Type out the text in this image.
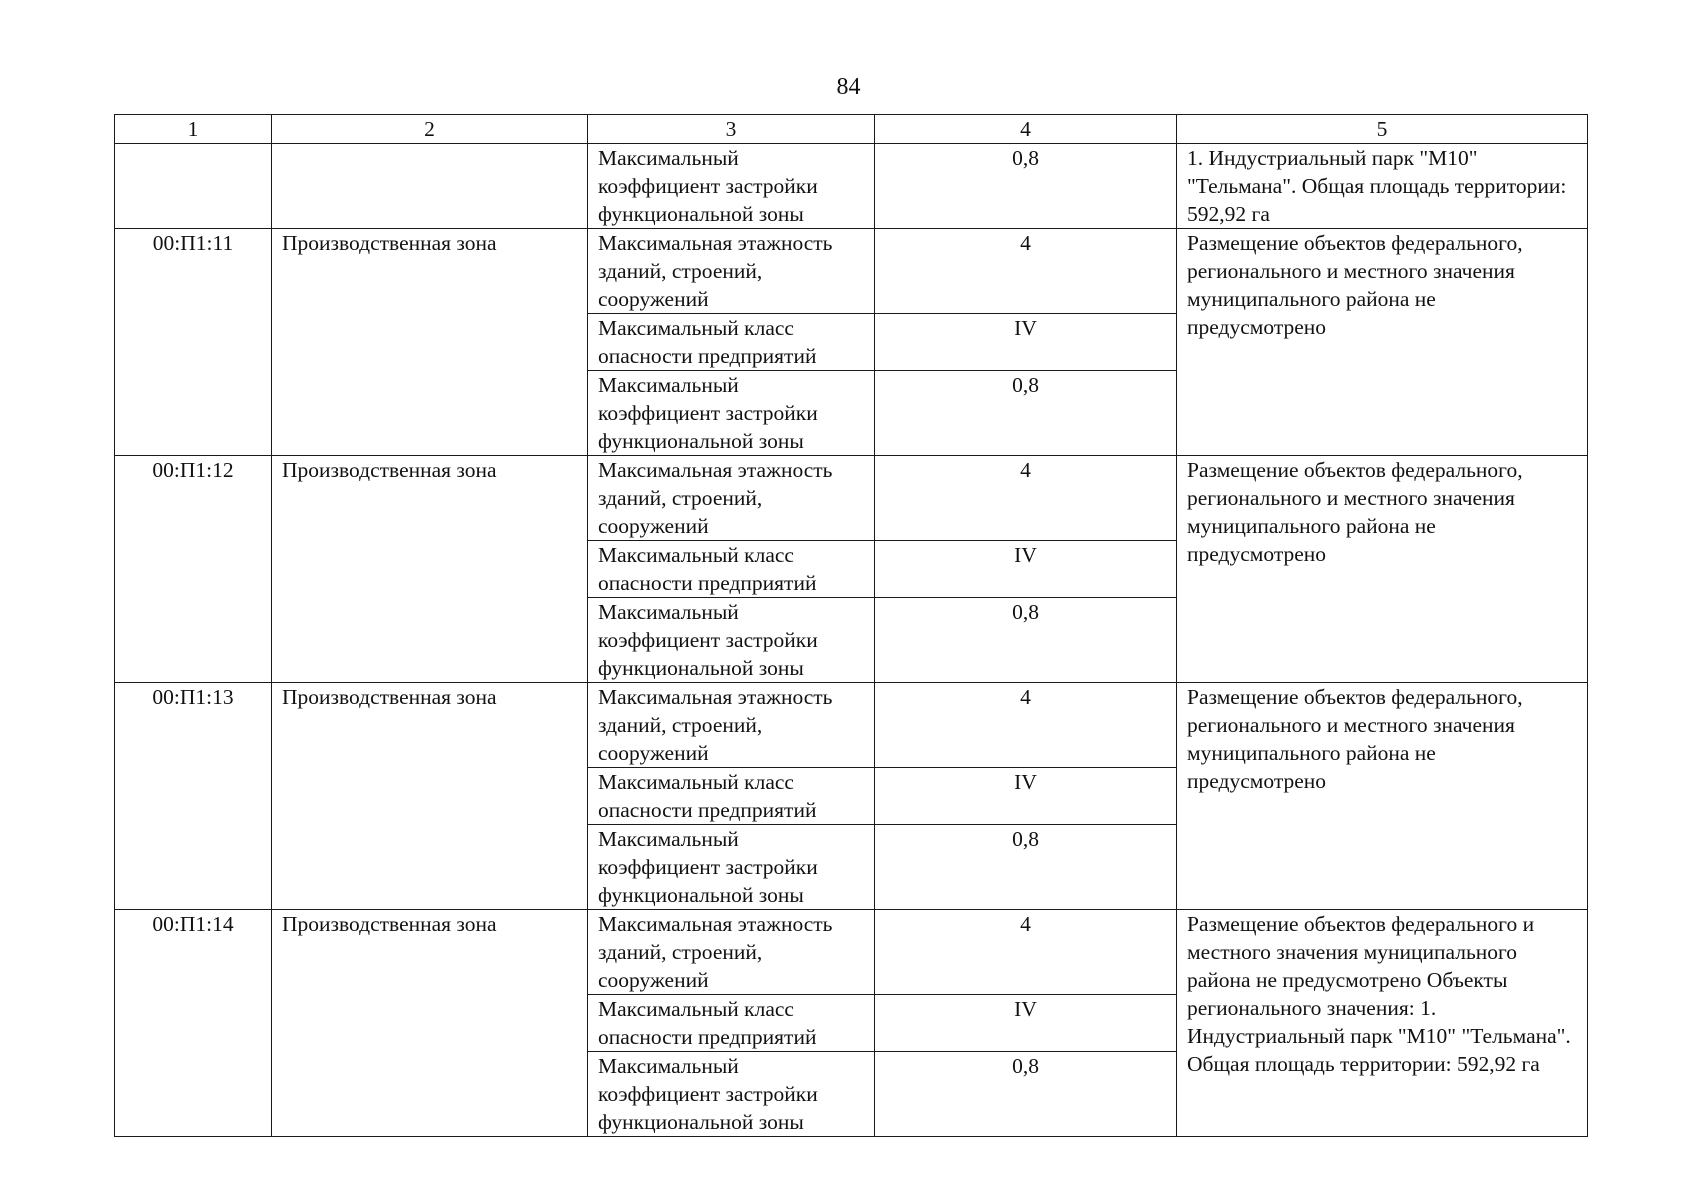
84
1	2	3	4	5
		Максимальный коэффициент застройки функциональной зоны	0,8	1. Индустриальный парк "М10" "Тельмана". Общая площадь территории: 592,92 га
00:П1:11	Производственная зона	Максимальная этажность зданий, строений, сооружений	4	Размещение объектов федерального, регионального и местного значения муниципального района не предусмотрено
		Максимальный класс опасности предприятий	IV	
		Максимальный коэффициент застройки функциональной зоны	0,8	
00:П1:12	Производственная зона	Максимальная этажность зданий, строений, сооружений	4	Размещение объектов федерального, регионального и местного значения муниципального района не предусмотрено
		Максимальный класс опасности предприятий	IV	
		Максимальный коэффициент застройки функциональной зоны	0,8	
00:П1:13	Производственная зона	Максимальная этажность зданий, строений, сооружений	4	Размещение объектов федерального, регионального и местного значения муниципального района не предусмотрено
		Максимальный класс опасности предприятий	IV	
		Максимальный коэффициент застройки функциональной зоны	0,8	
00:П1:14	Производственная зона	Максимальная этажность зданий, строений, сооружений	4	Размещение объектов федерального и местного значения муниципального района не предусмотрено Объекты регионального значения: 1. Индустриальный парк "М10" "Тельмана". Общая площадь территории: 592,92 га
		Максимальный класс опасности предприятий	IV	
		Максимальный коэффициент застройки функциональной зоны	0,8	
